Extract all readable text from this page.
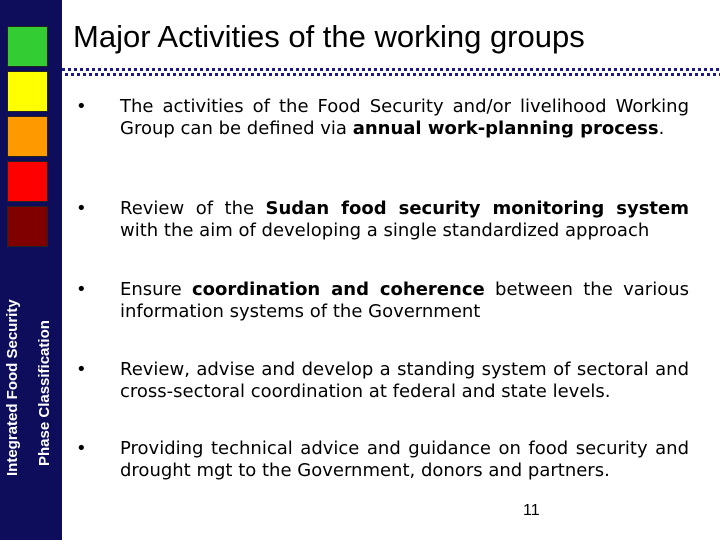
Integrated Food Security Phase Classification
Major Activities of the working groups
• The activities of the Food Security and/or livelihood Working Group can be defined via annual work-planning process.
• Review of the Sudan food security monitoring system with the aim of developing a single standardized approach
• Ensure coordination and coherence between the various information systems of the Government
• Review, advise and develop a standing system of sectoral and cross-sectoral coordination at federal and state levels.
• Providing technical advice and guidance on food security and drought mgt to the Government, donors and partners.
11
